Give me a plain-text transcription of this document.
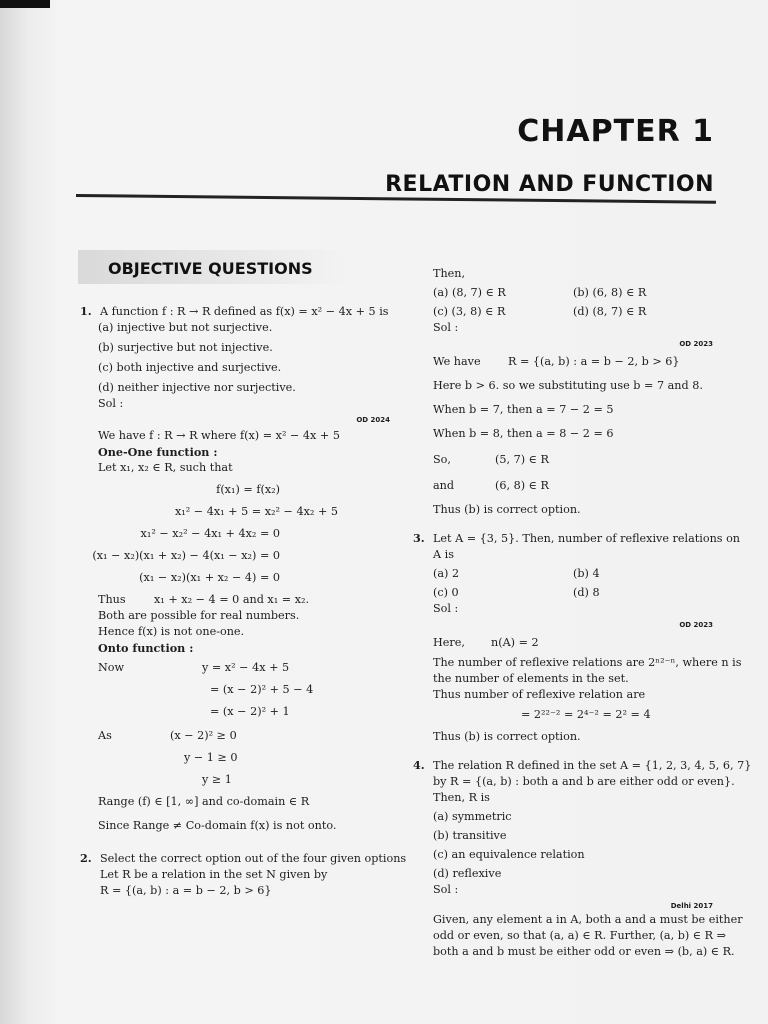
CHAPTER 1
RELATION AND FUNCTION
OBJECTIVE QUESTIONS
1. A function f : R → R defined as f(x) = x² − 4x + 5 is
(a) injective but not surjective.
(b) surjective but not injective.
(c) both injective and surjective.
(d) neither injective nor surjective.
Sol :
OD 2024
We have f : R → R where f(x) = x² − 4x + 5
One-One function :
Let x₁, x₂ ∈ R, such that
f(x₁) = f(x₂)
x₁² − 4x₁ + 5 = x₂² − 4x₂ + 5
x₁² − x₂² − 4x₁ + 4x₂ = 0
(x₁ − x₂)(x₁ + x₂) − 4(x₁ − x₂) = 0
(x₁ − x₂)(x₁ + x₂ − 4) = 0
Thus	x₁ + x₂ − 4 = 0 and x₁ = x₂.
Both are possible for real numbers.
Hence f(x) is not one-one.
Onto function :
Now	y = x² − 4x + 5
= (x − 2)² + 5 − 4
= (x − 2)² + 1
As	(x − 2)² ≥ 0
y − 1 ≥ 0
y ≥ 1
Range (f) ∈ [1, ∞] and co-domain ∈ R
Since Range ≠ Co-domain f(x) is not onto.
2. Select the correct option out of the four given options
Let R be a relation in the set N given by
R = {(a, b) : a = b − 2, b > 6}
Then,
(a) (8, 7) ∈ R	(b) (6, 8) ∈ R
(c) (3, 8) ∈ R	(d) (8, 7) ∈ R
Sol :
OD 2023
We have	R = {(a, b) : a = b − 2, b > 6}
Here b > 6. so we substituting use b = 7 and 8.
When b = 7, then a = 7 − 2 = 5
When b = 8, then a = 8 − 2 = 6
So,	(5, 7) ∈ R
and	(6, 8) ∈ R
Thus (b) is correct option.
3. Let A = {3, 5}. Then, number of reflexive relations on
A is
(a) 2	(b) 4
(c) 0	(d) 8
Sol :
OD 2023
Here,	n(A) = 2
The number of reflexive relations are 2ⁿ²⁻ⁿ, where n is
the number of elements in the set.
Thus number of reflexive relation are
= 2²²⁻² = 2⁴⁻² = 2² = 4
Thus (b) is correct option.
4. The relation R defined in the set A = {1, 2, 3, 4, 5, 6, 7}
by R = {(a, b) : both a and b are either odd or even}.
Then, R is
(a) symmetric
(b) transitive
(c) an equivalence relation
(d) reflexive
Sol :
Delhi 2017
Given, any element a in A, both a and a must be either
odd or even, so that (a, a) ∈ R. Further, (a, b) ∈ R ⇒
both a and b must be either odd or even ⇒ (b, a) ∈ R.
